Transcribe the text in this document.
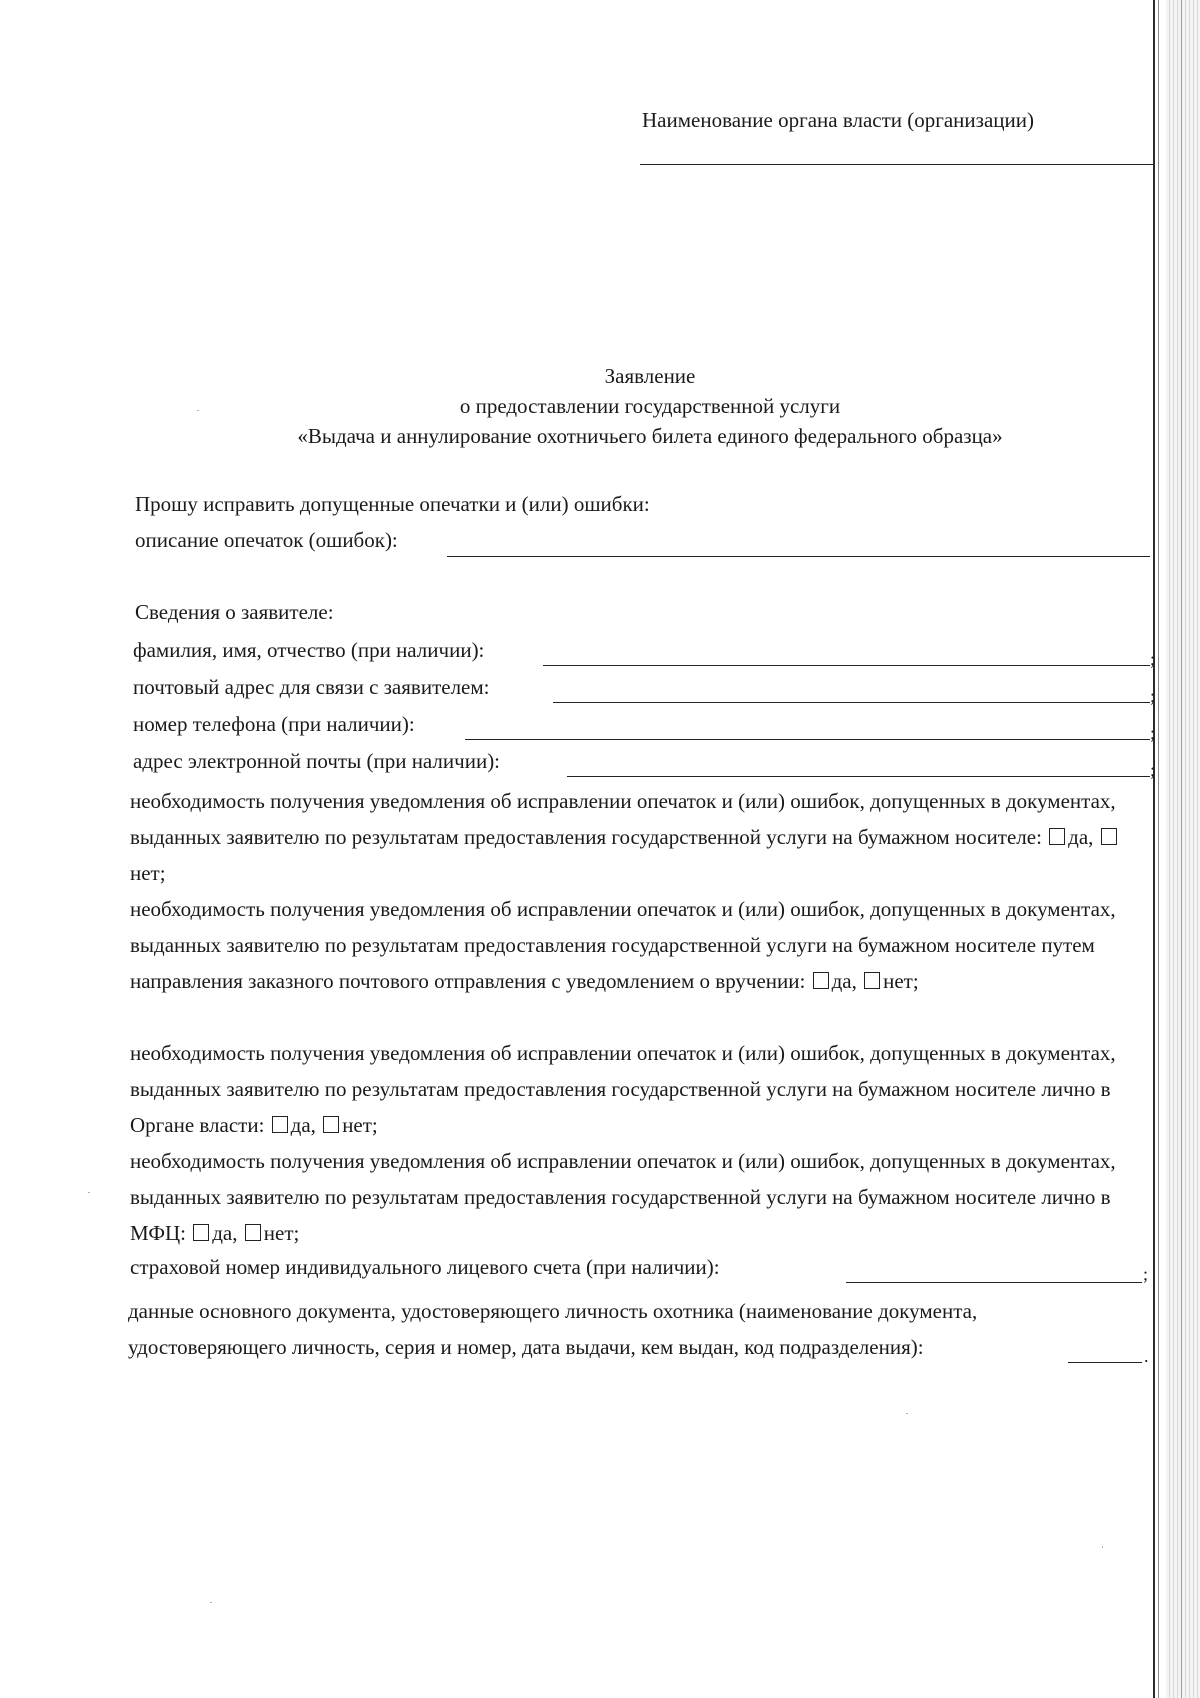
Наименование органа власти (организации)
Заявление
о предоставлении государственной услуги
«Выдача и аннулирование охотничьего билета единого федерального образца»
Прошу исправить допущенные опечатки и (или) ошибки:
описание опечаток (ошибок):
Сведения о заявителе:
фамилия, имя, отчество (при наличии):	;
почтовый адрес для связи с заявителем:	;
номер телефона (при наличии):	;
адрес электронной почты (при наличии):	;
необходимость получения уведомления об исправлении опечаток и (или) ошибок, допущенных в документах, выданных заявителю по результатам предоставления государственной услуги на бумажном носителе: да, нет;
необходимость получения уведомления об исправлении опечаток и (или) ошибок, допущенных в документах, выданных заявителю по результатам предоставления государственной услуги на бумажном носителе путем направления заказного почтового отправления с уведомлением о вручении: да, нет;
необходимость получения уведомления об исправлении опечаток и (или) ошибок, допущенных в документах, выданных заявителю по результатам предоставления государственной услуги на бумажном носителе лично в Органе власти: да, нет;
необходимость получения уведомления об исправлении опечаток и (или) ошибок, допущенных в документах, выданных заявителю по результатам предоставления государственной услуги на бумажном носителе лично в МФЦ: да, нет;
страховой номер индивидуального лицевого счета (при наличии):	;
данные основного документа, удостоверяющего личность охотника (наименование документа,
удостоверяющего личность, серия и номер, дата выдачи, кем выдан, код подразделения):	.
